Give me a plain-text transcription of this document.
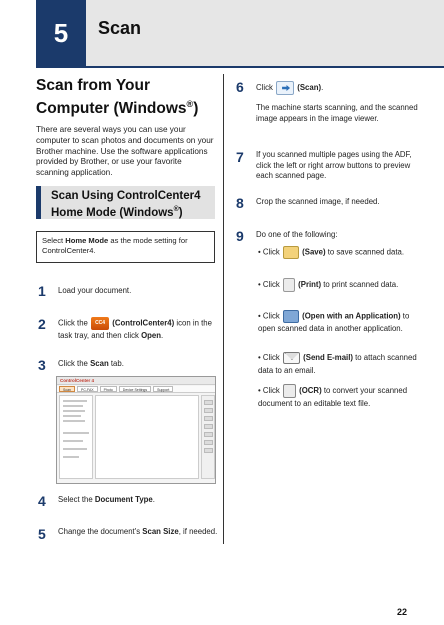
5	Scan
Scan from Your
Computer (Windows®)
There are several ways you can use your computer to scan photos and documents on your Brother machine. Use the software applications provided by Brother, or use your favorite scanning application.
Scan Using ControlCenter4
Home Mode (Windows®)
Select Home Mode as the mode setting for ControlCenter4.
1 Load your document.
2 Click the CC4 (ControlCenter4) icon in the task tray, and then click Open.
3 Click the Scan tab.
ControlCenter 4
Scan	PC-FAX	Photo	Device Settings	Support
4 Select the Document Type.
5 Change the document's Scan Size, if needed.
6 Click	(Scan).
The machine starts scanning, and the scanned image appears in the image viewer.
7 If you scanned multiple pages using the ADF, click the left or right arrow buttons to preview each scanned page.
8 Crop the scanned image, if needed.
9 Do one of the following:
• Click	(Save) to save scanned data.
• Click  (Print) to print scanned data.
• Click	(Open with an Application) to open scanned data in another application.
• Click	(Send E-mail) to attach scanned data to an email.
• Click  (OCR) to convert your scanned document to an editable text file.
22
